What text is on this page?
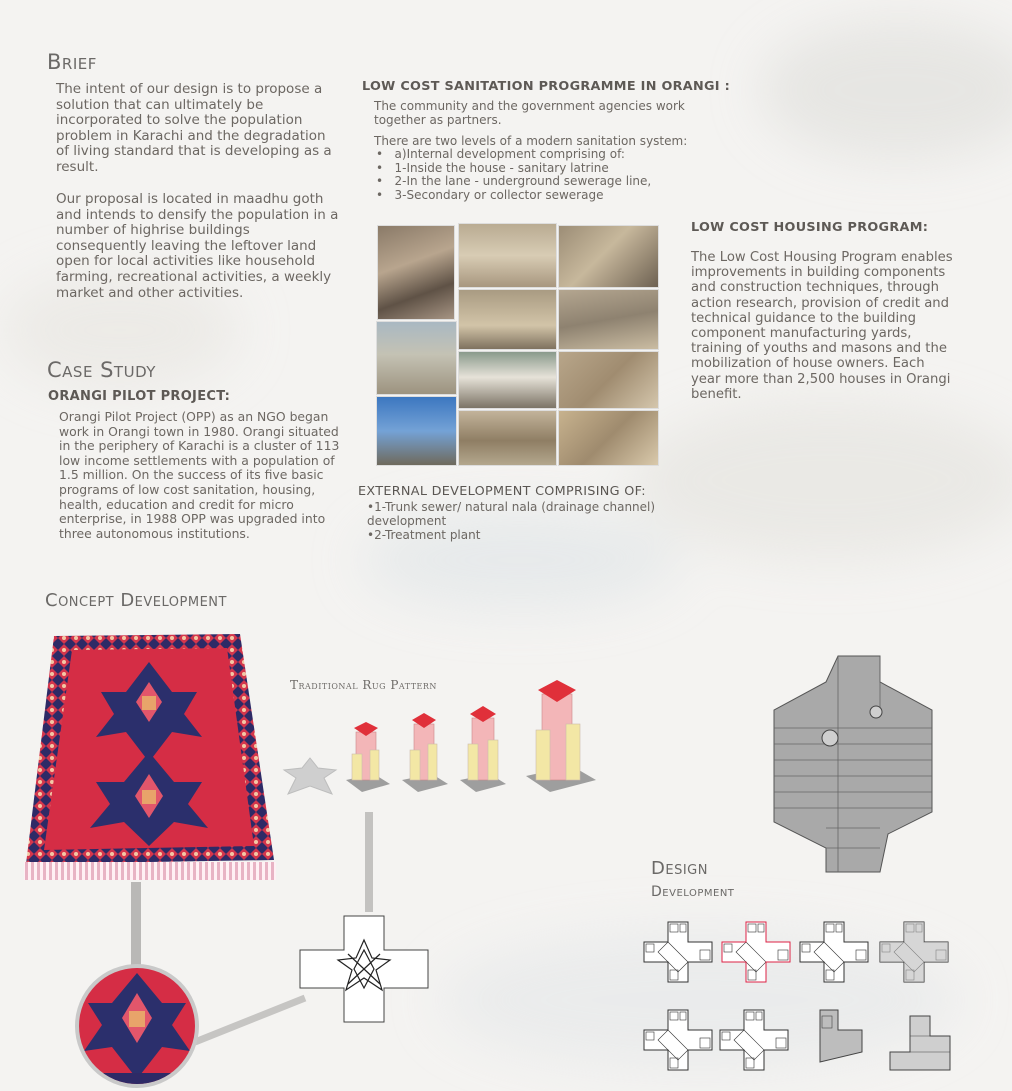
Brief
The intent of our design is to propose a solution that can ultimately be incorporated to solve the population problem in Karachi and the degradation of living standard that is developing as a result.
Our proposal is located in maadhu goth and intends to densify the population in a number of highrise buildings consequently leaving the leftover land open for local activities like household farming, recreational activities, a weekly market and other activities.
Case Study
ORANGI PILOT PROJECT:
Orangi Pilot Project (OPP) as an NGO began work in Orangi town in 1980. Orangi situated in the periphery of Karachi is a cluster of 113 low income settlements with a population of 1.5 million. On the success of its five basic programs of low cost sanitation, housing, health, education and credit for micro enterprise, in 1988 OPP was upgraded into three autonomous institutions.
LOW COST SANITATION PROGRAMME IN ORANGI :
The community and the government agencies work together as partners.
There are two levels of a modern sanitation system:
•   a)Internal development comprising of:
•   1-Inside the house - sanitary latrine
•   2-In the lane - underground sewerage line,
•   3-Secondary or collector sewerage
LOW COST HOUSING PROGRAM:
The Low Cost Housing Program enables improvements in building components and construction techniques, through action research, provision of credit and technical guidance to the building component manufacturing yards, training of youths and masons and the mobilization of house owners. Each year more than 2,500 houses in Orangi benefit.
EXTERNAL DEVELOPMENT COMPRISING OF:
•1-Trunk sewer/ natural nala (drainage channel) development
•2-Treatment plant
Concept Development
Traditional Rug Pattern
Design
Development
